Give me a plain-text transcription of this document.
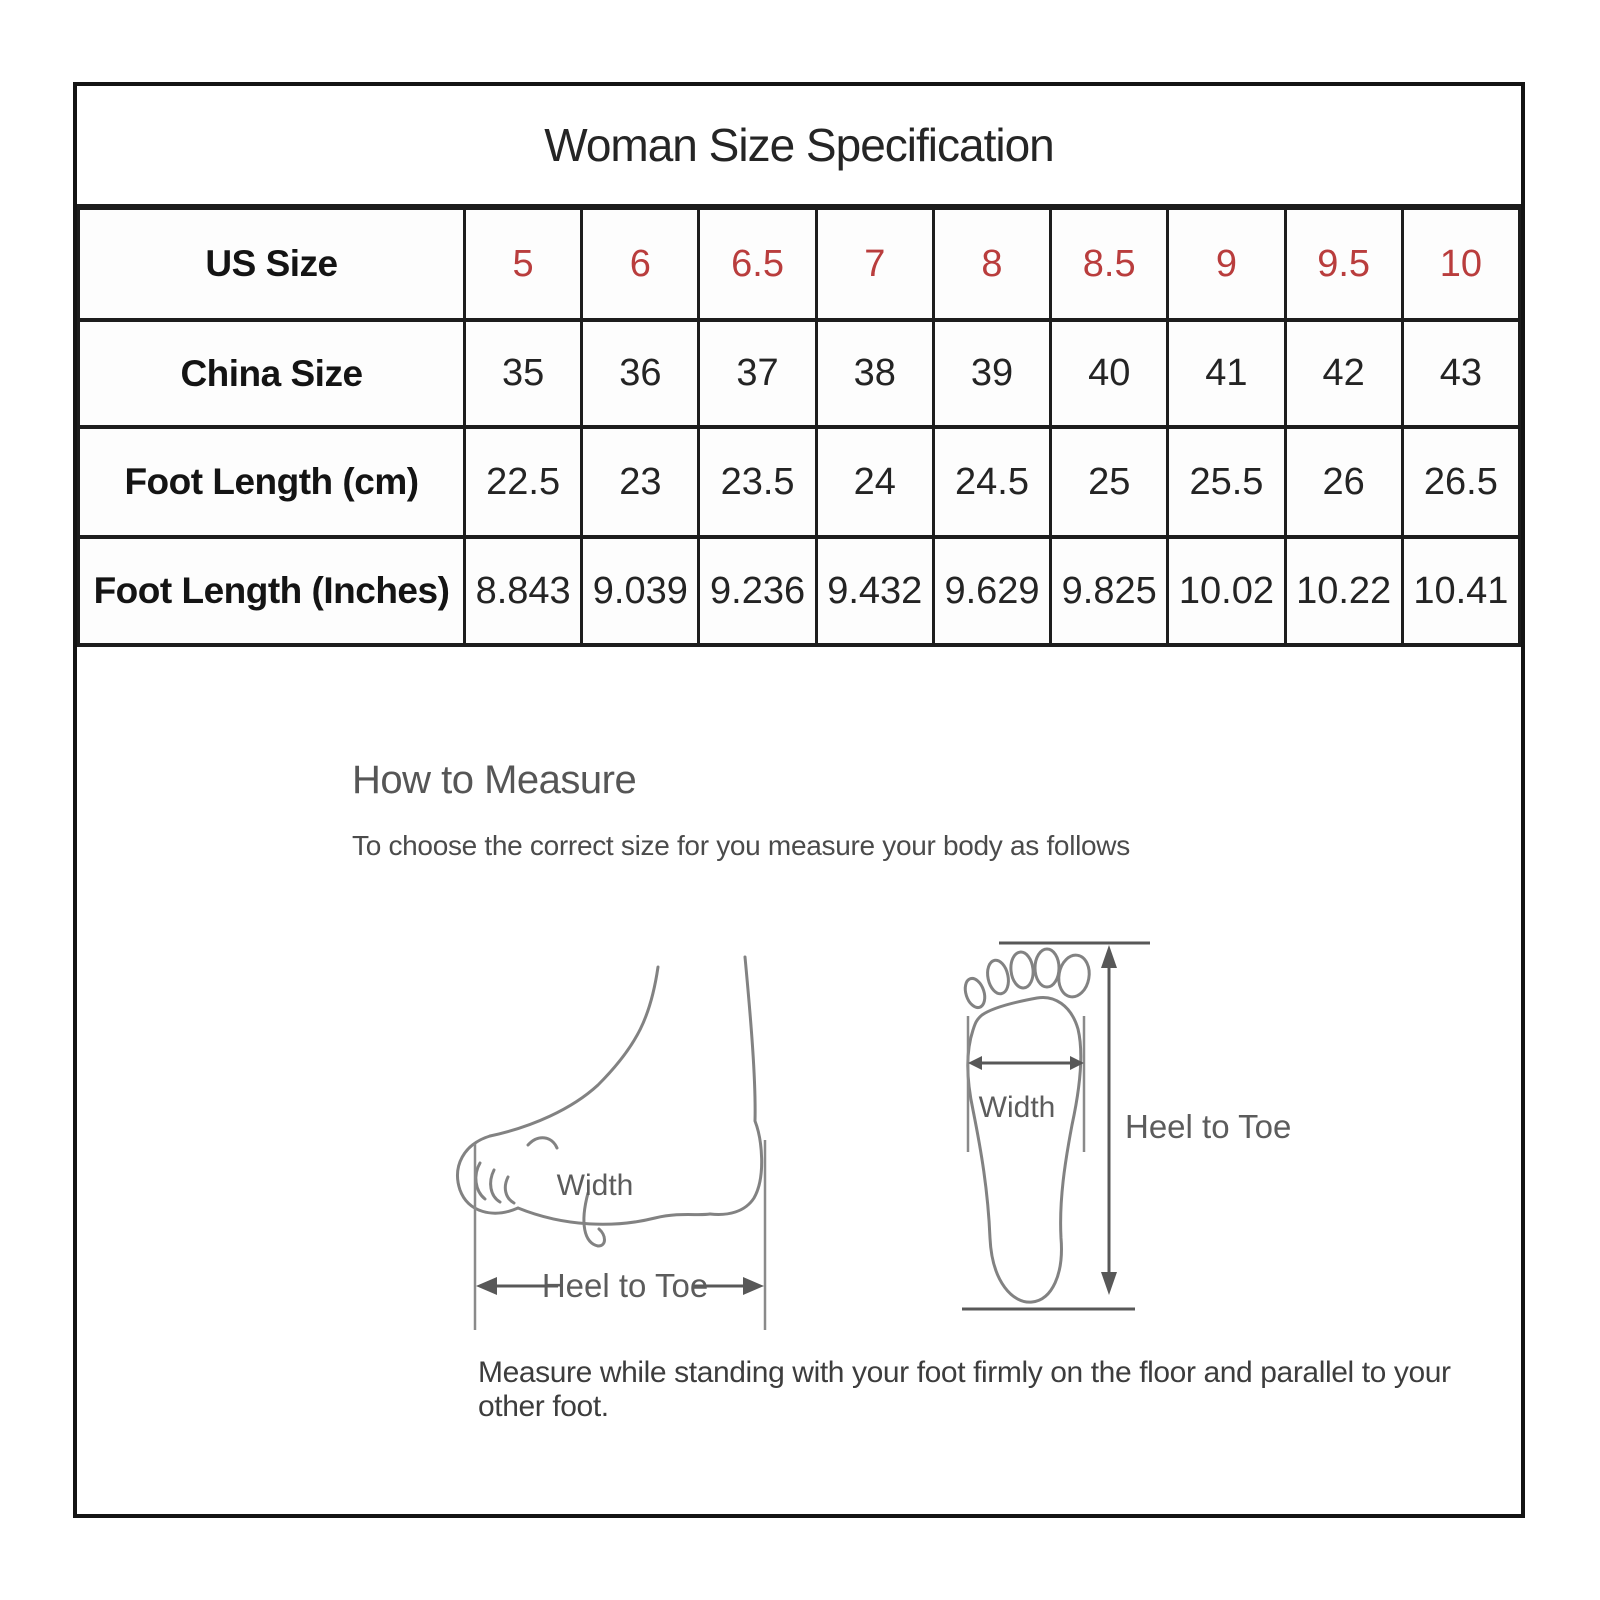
Woman Size Specification									
US Size	5	6	6.5	7	8	8.5	9	9.5	10
China Size	35	36	37	38	39	40	41	42	43
Foot Length (cm)	22.5	23	23.5	24	24.5	25	25.5	26	26.5
Foot Length (Inches)	8.843	9.039	9.236	9.432	9.629	9.825	10.02	10.22	10.41
How to Measure
To choose the correct size for you measure your body as follows
Width
Heel to Toe
Width
Heel to Toe
Measure while standing with your foot firmly on the floor and parallel to your other foot.
